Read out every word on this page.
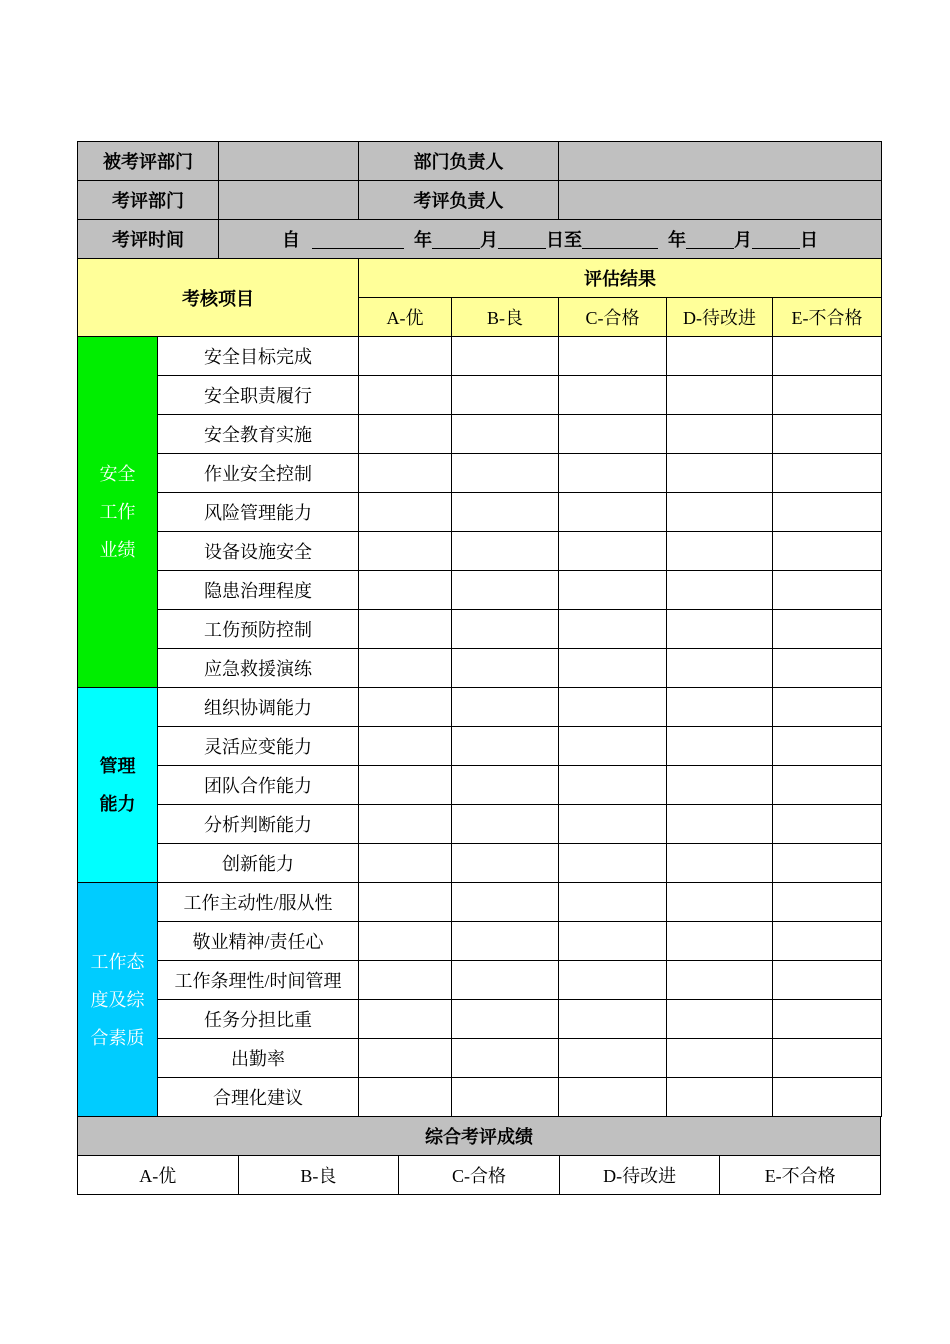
被考评部门			部门负责人				
考评部门			考评负责人				
考评时间		自 年 月 日至 年 月 日					
考核项目			评估结果				
			A-优	B-良	C-合格	D-待改进	E-不合格

安全
工作
业绩	安全目标完成						
	安全职责履行						
	安全教育实施						
	作业安全控制						
	风险管理能力						
	设备设施安全						
	隐患治理程度						
	工伤预防控制						
	应急救援演练						

管理
能力	组织协调能力						
	灵活应变能力						
	团队合作能力						
	分析判断能力						
	创新能力						

工作态
度及综
合素质	工作主动性/服从性						
	敬业精神/责任心						
	工作条理性/时间管理						
	任务分担比重						
	出勤率						
	合理化建议						
综合考评成绩
A-优	B-良	C-合格	D-待改进	E-不合格
